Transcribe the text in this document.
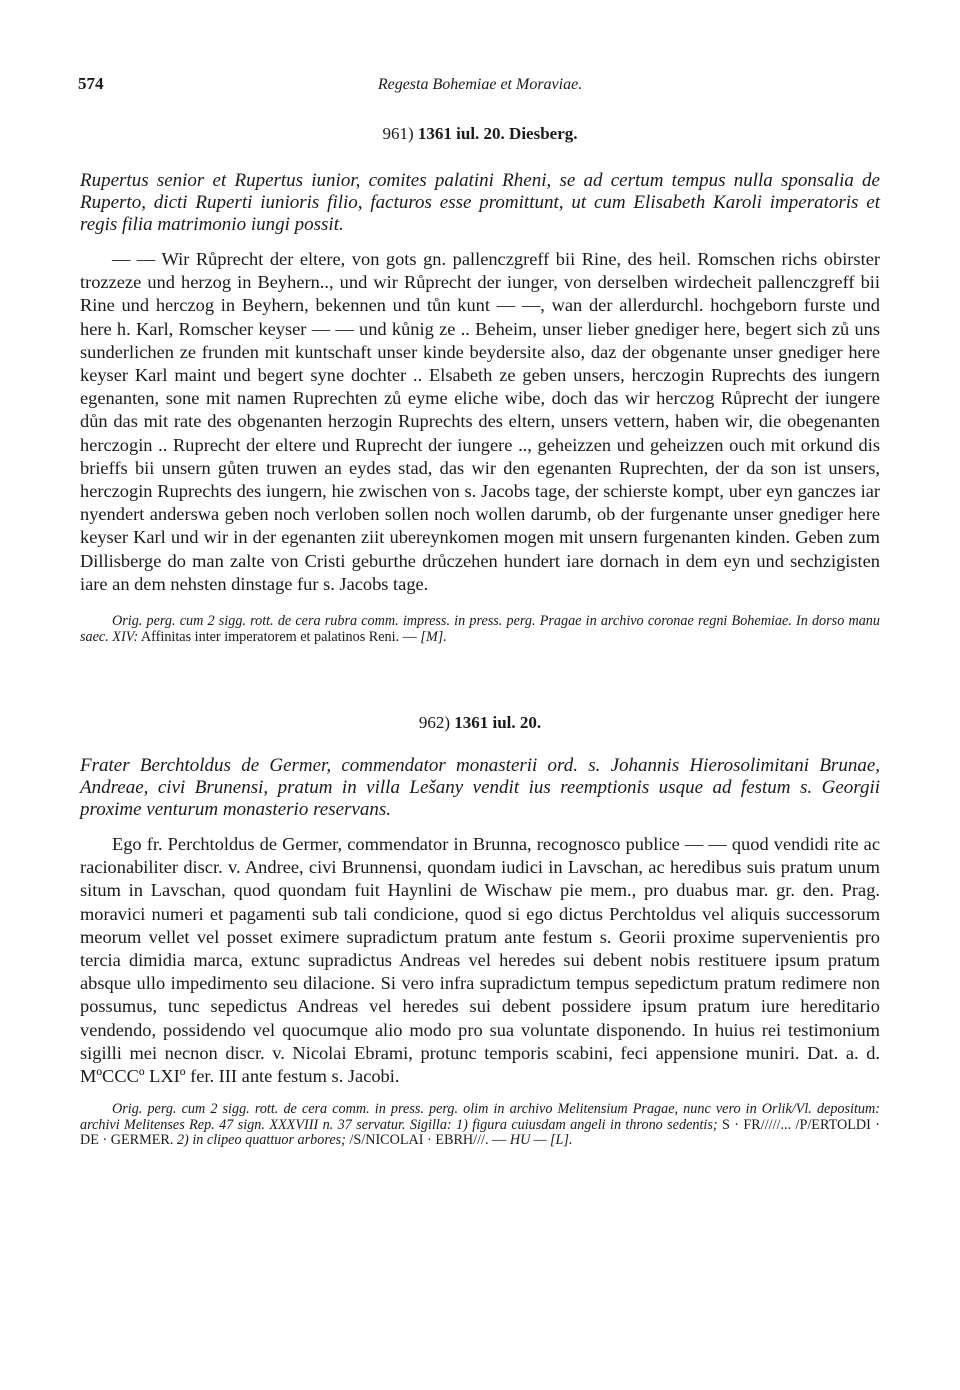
574	Regesta Bohemiae et Moraviae.

961) 1361 iul. 20. Diesberg.

Rupertus senior et Rupertus iunior, comites palatini Rheni, se ad certum tempus nulla sponsalia de Ruperto, dicti Ruperti iunioris filio, facturos esse promittunt, ut cum Elisabeth Karoli imperatoris et regis filia matrimonio iungi possit.

— — Wir Růprecht der eltere, von gots gn. pallenczgreff bii Rine, des heil. Romschen richs obirster trozzeze und herzog in Beyhern.., und wir Růprecht der iunger, von derselben wirdecheit pallenczgreff bii Rine und herczog in Beyhern, bekennen und tůn kunt — —, wan der allerdurchl. hochgeborn furste und here h. Karl, Romscher keyser — — und kůnig ze .. Beheim, unser lieber gnediger here, begert sich zů uns sunderlichen ze frunden mit kuntschaft unser kinde beydersite also, daz der obgenante unser gnediger here keyser Karl maint und begert syne dochter .. Elsabeth ze geben unsers, herczogin Ruprechts des iungern egenanten, sone mit namen Ruprechten zů eyme eliche wibe, doch das wir herczog Růprecht der iungere důn das mit rate des obgenanten herzogin Ruprechts des eltern, unsers vettern, haben wir, die obegenanten herczogin .. Ruprecht der eltere und Ruprecht der iungere .., geheizzen und geheizzen ouch mit orkund dis brieffs bii unsern gůten truwen an eydes stad, das wir den egenanten Ruprechten, der da son ist unsers, herczogin Ruprechts des iungern, hie zwischen von s. Jacobs tage, der schierste kompt, uber eyn ganczes iar nyendert anderswa geben noch verloben sollen noch wollen darumb, ob der furgenante unser gnediger here keyser Karl und wir in der egenanten ziit ubereynkomen mogen mit unsern furgenanten kinden. Geben zum Dillisberge do man zalte von Cristi geburthe drůczehen hundert iare dornach in dem eyn und sechzigisten iare an dem nehsten dinstage fur s. Jacobs tage.

Orig. perg. cum 2 sigg. rott. de cera rubra comm. impress. in press. perg. Pragae in archivo coronae regni Bohemiae. In dorso manu saec. XIV: Affinitas inter imperatorem et palatinos Reni. — [M].

962) 1361 iul. 20.

Frater Berchtoldus de Germer, commendator monasterii ord. s. Johannis Hierosolimitani Brunae, Andreae, civi Brunensi, pratum in villa Lešany vendit ius reemptionis usque ad festum s. Georgii proxime venturum monasterio reservans.

Ego fr. Perchtoldus de Germer, commendator in Brunna, recognosco publice — — quod vendidi rite ac racionabiliter discr. v. Andree, civi Brunnensi, quondam iudici in Lavschan, ac heredibus suis pratum unum situm in Lavschan, quod quondam fuit Haynlini de Wischaw pie mem., pro duabus mar. gr. den. Prag. moravici numeri et pagamenti sub tali condicione, quod si ego dictus Perchtoldus vel aliquis successorum meorum vellet vel posset eximere supradictum pratum ante festum s. Georii proxime supervenientis pro tercia dimidia marca, extunc supradictus Andreas vel heredes sui debent nobis restituere ipsum pratum absque ullo impedimento seu dilacione. Si vero infra supradictum tempus sepedictum pratum redimere non possumus, tunc sepedictus Andreas vel heredes sui debent possidere ipsum pratum iure hereditario vendendo, possidendo vel quocumque alio modo pro sua voluntate disponendo. In huius rei testimonium sigilli mei necnon discr. v. Nicolai Ebrami, protunc temporis scabini, feci appensione muniri. Dat. a. d. MºCCCº LXIº fer. III ante festum s. Jacobi.

Orig. perg. cum 2 sigg. rott. de cera comm. in press. perg. olim in archivo Melitensium Pragae, nunc vero in Orlik/Vl. depositum: archivi Melitenses Rep. 47 sign. XXXVIII n. 37 servatur. Sigilla: 1) figura cuiusdam angeli in throno sedentis; S · FR/////... /P/ERTOLDI · DE · GERMER. 2) in clipeo quattuor arbores; /S/NICOLAI · EBRH///. — HU — [L].
